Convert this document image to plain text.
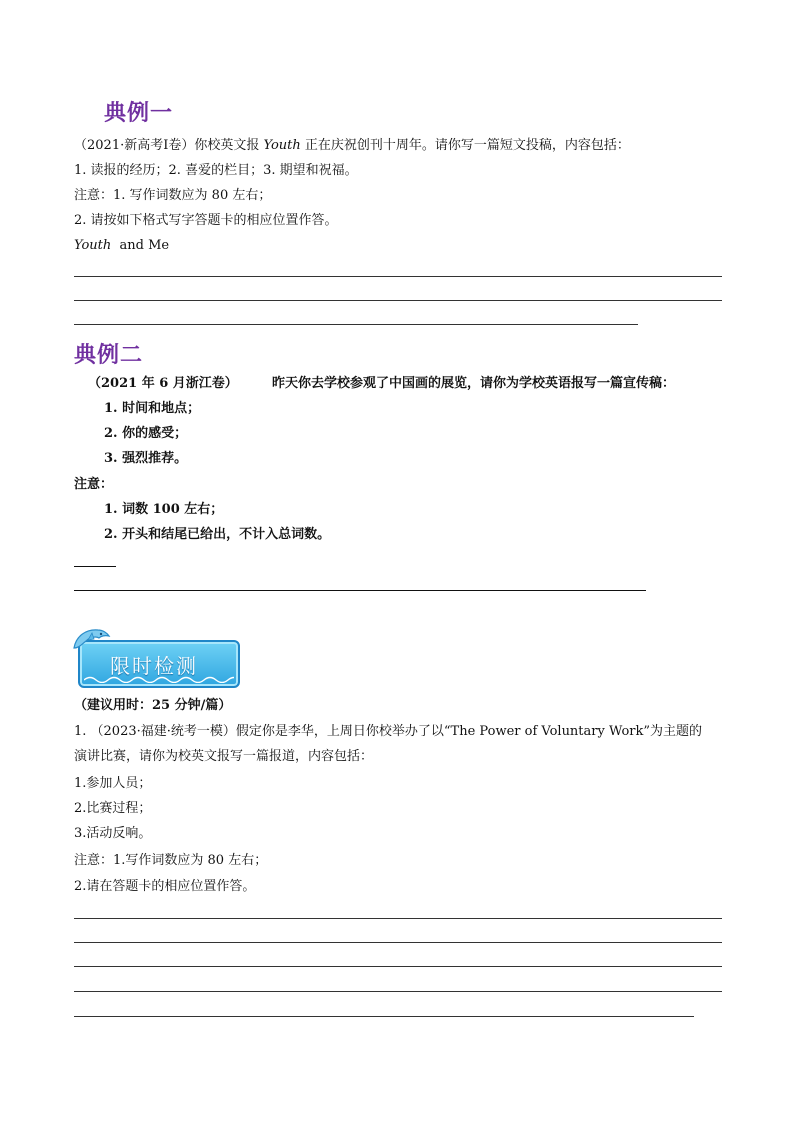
典例一
（2021·新高考Ⅰ卷）你校英文报 Youth 正在庆祝创刊十周年。请你写一篇短文投稿，内容包括：
1. 读报的经历；2. 喜爱的栏目；3. 期望和祝福。
注意：1. 写作词数应为 80 左右；
2. 请按如下格式写字答题卡的相应位置作答。
Youth and Me
典例二
（2021 年 6 月浙江卷）	昨天你去学校参观了中国画的展览，请你为学校英语报写一篇宣传稿：
1. 时间和地点；
2. 你的感受；
3. 强烈推荐。
注意：
1. 词数 100 左右；
2. 开头和结尾已给出，不计入总词数。
限时检测
（建议用时：25 分钟/篇）
1. （2023·福建·统考一模）假定你是李华，上周日你校举办了以“The Power of Voluntary Work”为主题的
演讲比赛，请你为校英文报写一篇报道，内容包括：
1.参加人员；
2.比赛过程；
3.活动反响。
注意：1.写作词数应为 80 左右；
2.请在答题卡的相应位置作答。
